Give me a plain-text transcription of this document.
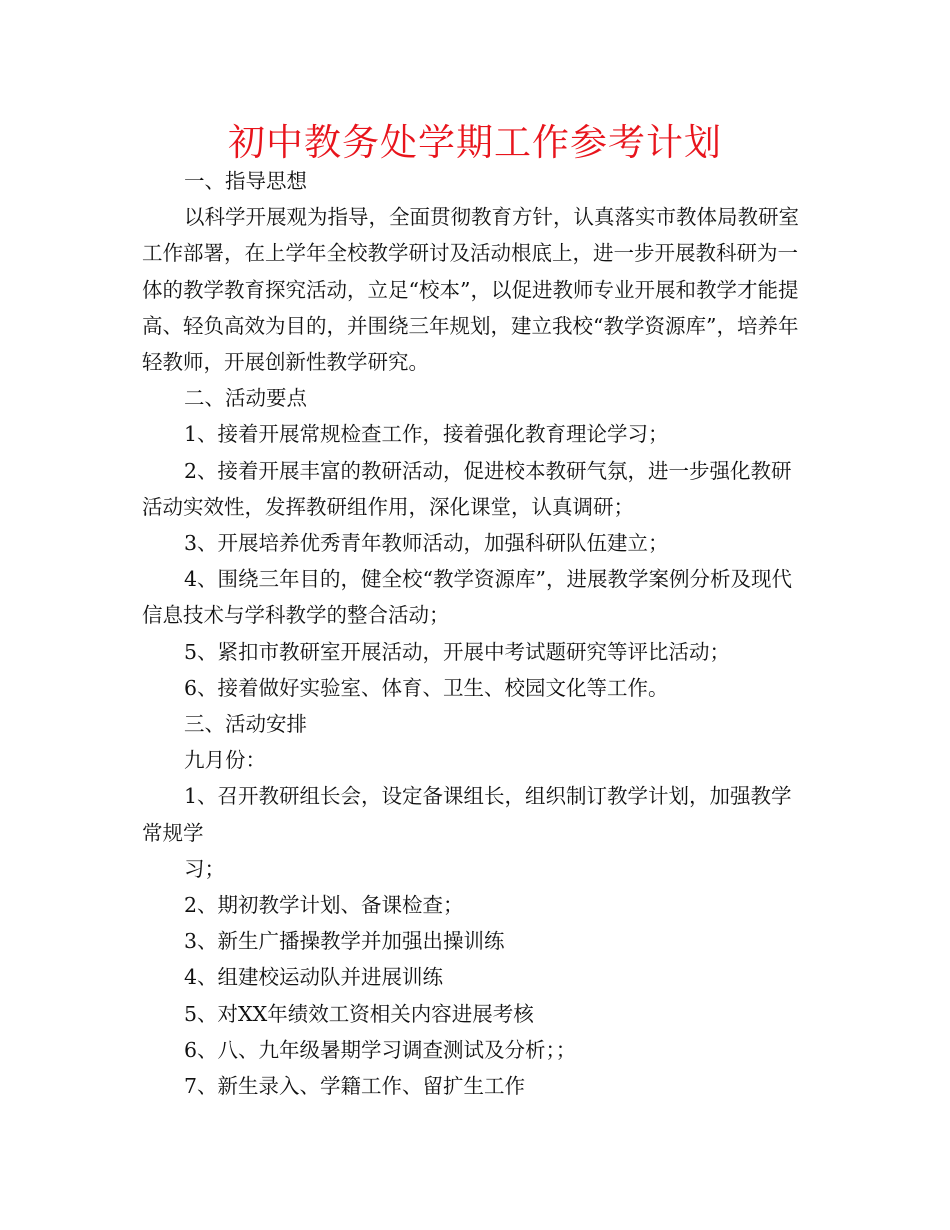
初中教务处学期工作参考计划

一、指导思想

以科学开展观为指导，全面贯彻教育方针，认真落实市教体局教研室工作部署，在上学年全校教学研讨及活动根底上，进一步开展教科研为一体的教学教育探究活动，立足“校本”，以促进教师专业开展和教学才能提高、轻负高效为目的，并围绕三年规划，建立我校“教学资源库”，培养年轻教师，开展创新性教学研究。

二、活动要点

1、接着开展常规检查工作，接着强化教育理论学习；

2、接着开展丰富的教研活动，促进校本教研气氛，进一步强化教研活动实效性，发挥教研组作用，深化课堂，认真调研；

3、开展培养优秀青年教师活动，加强科研队伍建立；

4、围绕三年目的，健全校“教学资源库”，进展教学案例分析及现代信息技术与学科教学的整合活动；

5、紧扣市教研室开展活动，开展中考试题研究等评比活动；

6、接着做好实验室、体育、卫生、校园文化等工作。

三、活动安排

九月份：

1、召开教研组长会，设定备课组长，组织制订教学计划，加强教学常规学

习；

2、期初教学计划、备课检查；

3、新生广播操教学并加强出操训练

4、组建校运动队并进展训练

5、对XX年绩效工资相关内容进展考核

6、八、九年级暑期学习调查测试及分析；；

7、新生录入、学籍工作、留扩生工作
